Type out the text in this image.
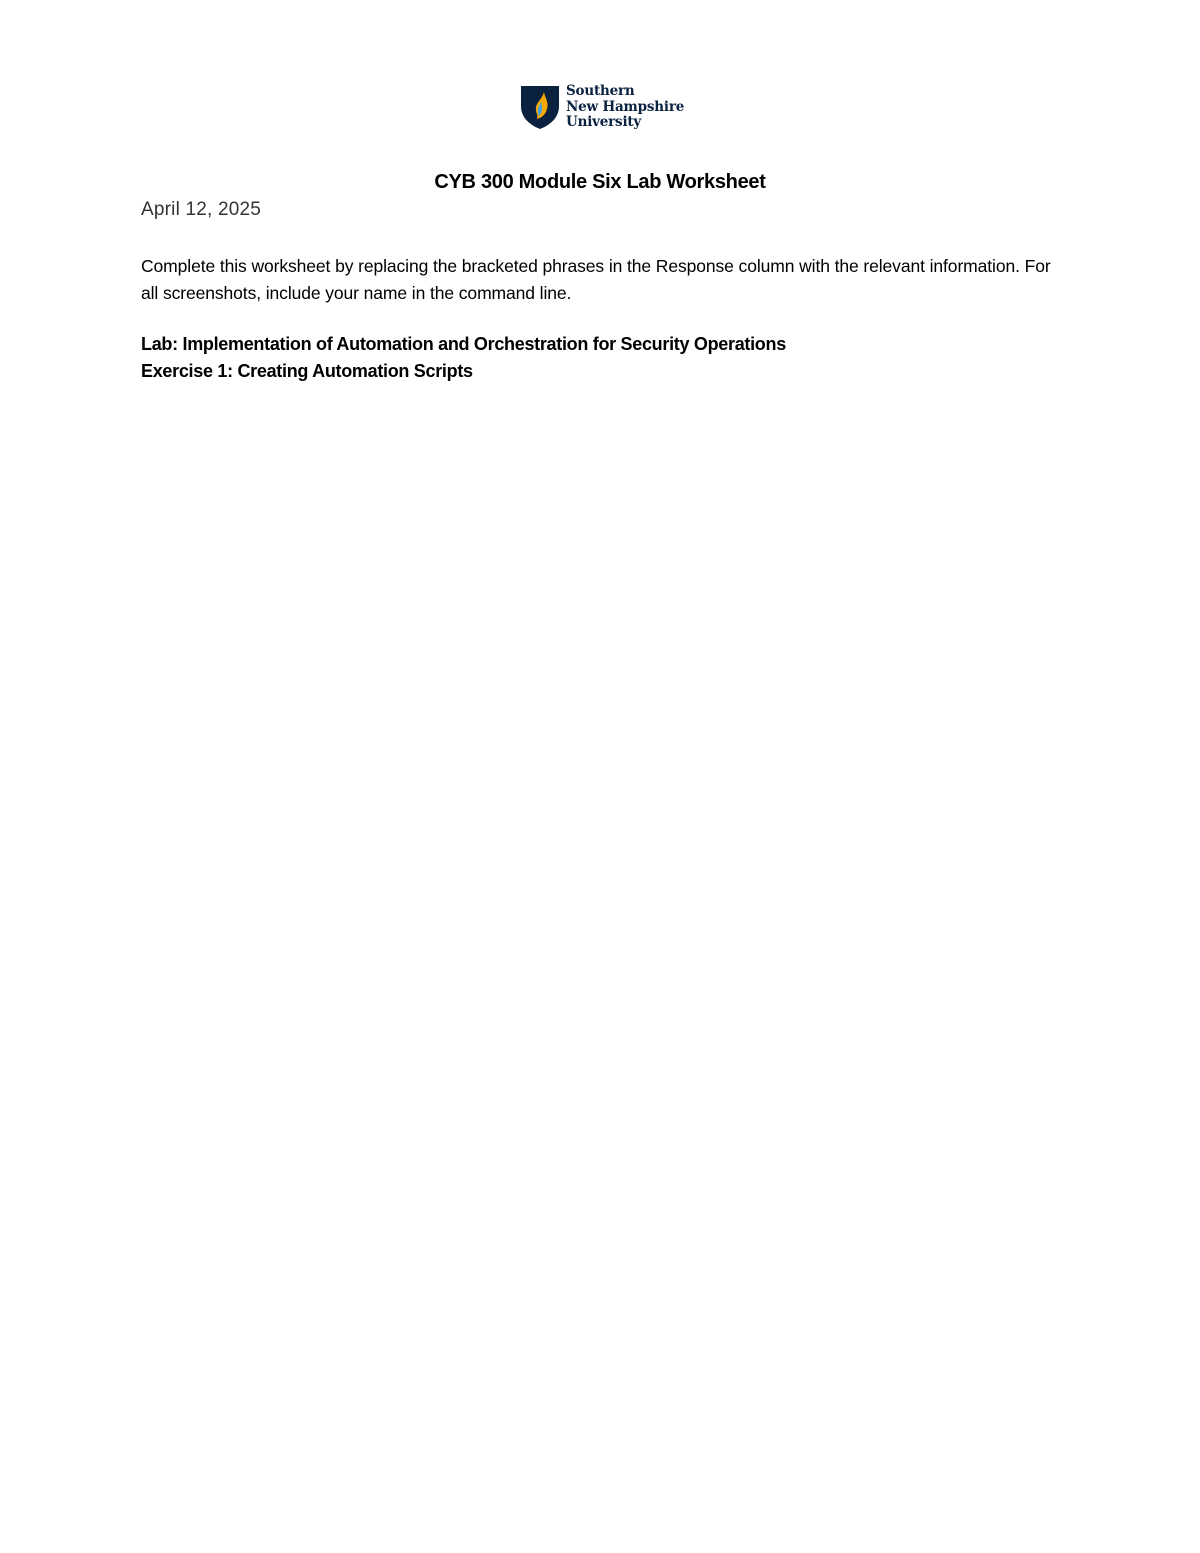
Southern
New Hampshire
University
CYB 300 Module Six Lab Worksheet
April 12, 2025
Complete this worksheet by replacing the bracketed phrases in the Response column with the relevant information. For all screenshots, include your name in the command line.
Lab: Implementation of Automation and Orchestration for Security Operations
Exercise 1: Creating Automation Scripts
